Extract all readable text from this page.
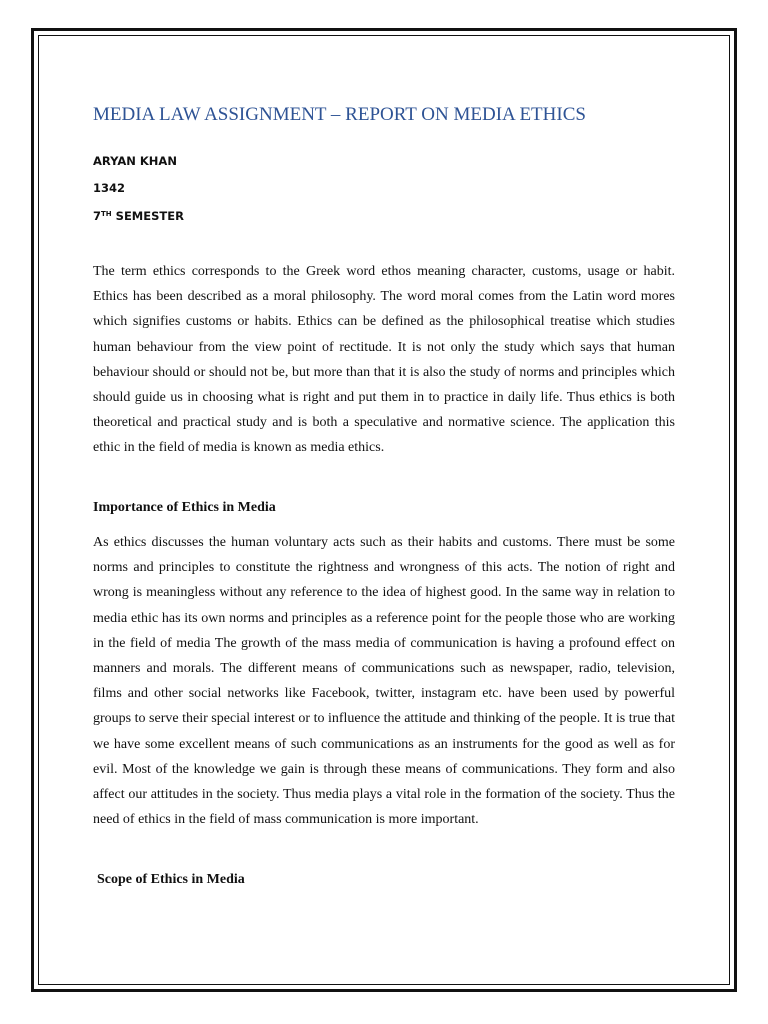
MEDIA LAW ASSIGNMENT – REPORT ON MEDIA ETHICS

ARYAN KHAN

1342

7TH SEMESTER

The term ethics corresponds to the Greek word ethos meaning character, customs, usage or habit. Ethics has been described as a moral philosophy. The word moral comes from the Latin word mores which signifies customs or habits. Ethics can be defined as the philosophical treatise which studies human behaviour from the view point of rectitude. It is not only the study which says that human behaviour should or should not be, but more than that it is also the study of norms and principles which should guide us in choosing what is right and put them in to practice in daily life. Thus ethics is both theoretical and practical study and is both a speculative and normative science. The application this ethic in the field of media is known as media ethics.

Importance of Ethics in Media

As ethics discusses the human voluntary acts such as their habits and customs. There must be some norms and principles to constitute the rightness and wrongness of this acts. The notion of right and wrong is meaningless without any reference to the idea of highest good. In the same way in relation to media ethic has its own norms and principles as a reference point for the people those who are working in the field of media The growth of the mass media of communication is having a profound effect on manners and morals. The different means of communications such as newspaper, radio, television, films and other social networks like Facebook, twitter, instagram etc. have been used by powerful groups to serve their special interest or to influence the attitude and thinking of the people. It is true that we have some excellent means of such communications as an instruments for the good as well as for evil. Most of the knowledge we gain is through these means of communications. They form and also affect our attitudes in the society. Thus media plays a vital role in the formation of the society. Thus the need of ethics in the field of mass communication is more important.

Scope of Ethics in Media
